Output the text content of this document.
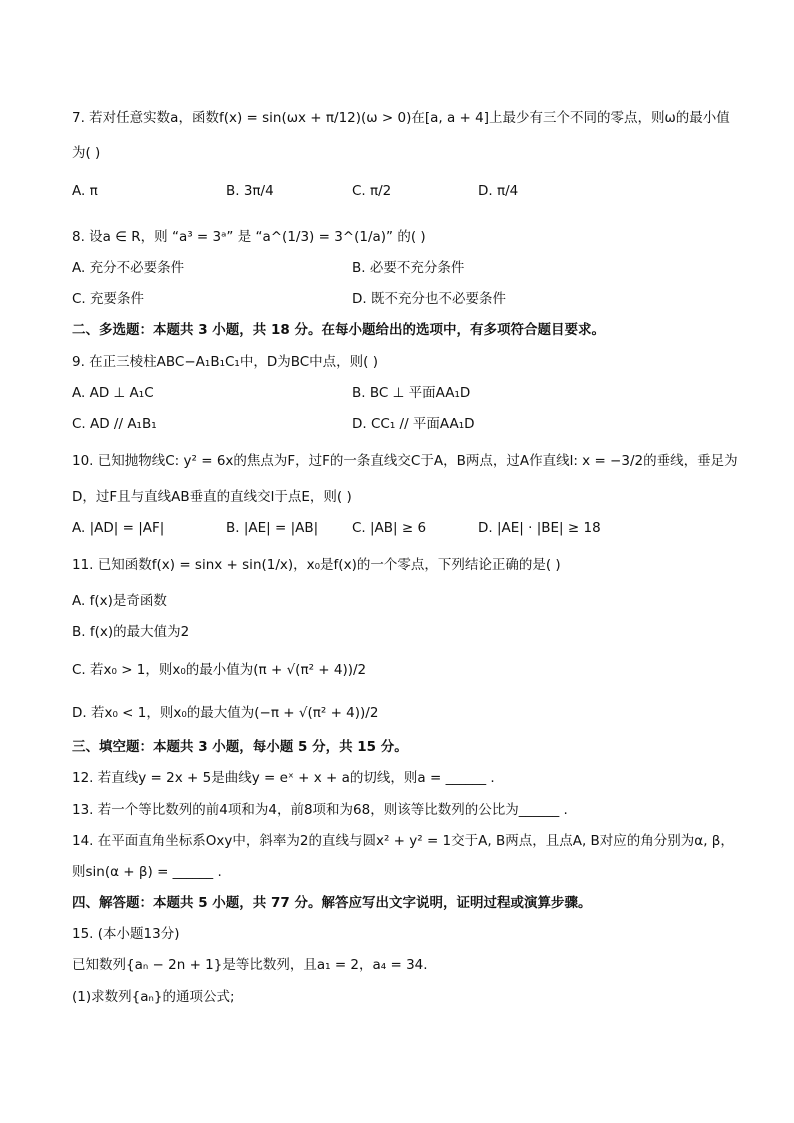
7. 若对任意实数a，函数f(x) = sin(ωx + π/12)(ω > 0)在[a, a + 4]上最少有三个不同的零点，则ω的最小值
为( )
A. π	B. 3π/4	C. π/2	D. π/4
8. 设a ∈ R，则 “a³ = 3ᵃ” 是 “a^(1/3) = 3^(1/a)” 的( )
A. 充分不必要条件	B. 必要不充分条件
C. 充要条件	D. 既不充分也不必要条件
二、多选题：本题共 3 小题，共 18 分。在每小题给出的选项中，有多项符合题目要求。
9. 在正三棱柱ABC−A₁B₁C₁中，D为BC中点，则( )
A. AD ⊥ A₁C	B. BC ⊥ 平面AA₁D
C. AD // A₁B₁	D. CC₁ // 平面AA₁D
10. 已知抛物线C: y² = 6x的焦点为F，过F的一条直线交C于A，B两点，过A作直线l: x = −3/2的垂线，垂足为
D，过F且与直线AB垂直的直线交l于点E，则( )
A. |AD| = |AF|	B. |AE| = |AB|	C. |AB| ≥ 6	D. |AE| · |BE| ≥ 18
11. 已知函数f(x) = sinx + sin(1/x)，x₀是f(x)的一个零点，下列结论正确的是( )
A. f(x)是奇函数
B. f(x)的最大值为2
C. 若x₀ > 1，则x₀的最小值为(π + √(π² + 4))/2
D. 若x₀ < 1，则x₀的最大值为(−π + √(π² + 4))/2
三、填空题：本题共 3 小题，每小题 5 分，共 15 分。
12. 若直线y = 2x + 5是曲线y = eˣ + x + a的切线，则a = ______ .
13. 若一个等比数列的前4项和为4，前8项和为68，则该等比数列的公比为______ .
14. 在平面直角坐标系Oxy中，斜率为2的直线与圆x² + y² = 1交于A, B两点，且点A, B对应的角分别为α, β，
则sin(α + β) = ______ .
四、解答题：本题共 5 小题，共 77 分。解答应写出文字说明，证明过程或演算步骤。
15. (本小题13分)
已知数列{aₙ − 2n + 1}是等比数列，且a₁ = 2，a₄ = 34.
(1)求数列{aₙ}的通项公式;
